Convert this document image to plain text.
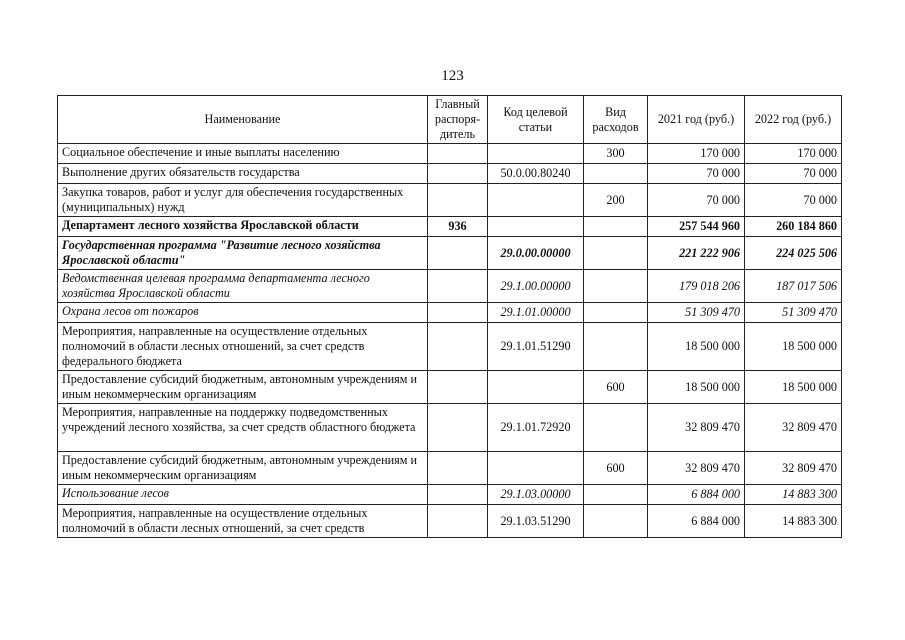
123
Наименование	Главный распоря-дитель	Код целевой статьи	Вид расходов	2021 год (руб.)	2022 год (руб.)
Социальное обеспечение и иные выплаты населению			300	170 000	170 000
Выполнение других обязательств государства		50.0.00.80240		70 000	70 000
Закупка товаров, работ и услуг для обеспечения государственных (муниципальных) нужд			200	70 000	70 000
Департамент лесного хозяйства Ярославской области	936			257 544 960	260 184 860
Государственная программа "Развитие лесного хозяйства Ярославской области"		29.0.00.00000		221 222 906	224 025 506
Ведомственная целевая программа департамента лесного хозяйства Ярославской области		29.1.00.00000		179 018 206	187 017 506
Охрана лесов от пожаров		29.1.01.00000		51 309 470	51 309 470
Мероприятия, направленные на осуществление отдельных полномочий в области лесных отношений, за счет средств федерального бюджета		29.1.01.51290		18 500 000	18 500 000
Предоставление субсидий бюджетным, автономным учреждениям и иным некоммерческим организациям			600	18 500 000	18 500 000
Мероприятия, направленные на поддержку подведомственных учреждений лесного хозяйства, за счет средств областного бюджета		29.1.01.72920		32 809 470	32 809 470
Предоставление субсидий бюджетным, автономным учреждениям и иным некоммерческим организациям			600	32 809 470	32 809 470
Использование лесов		29.1.03.00000		6 884 000	14 883 300
Мероприятия, направленные на осуществление отдельных полномочий в области лесных отношений, за счет средств		29.1.03.51290		6 884 000	14 883 300
